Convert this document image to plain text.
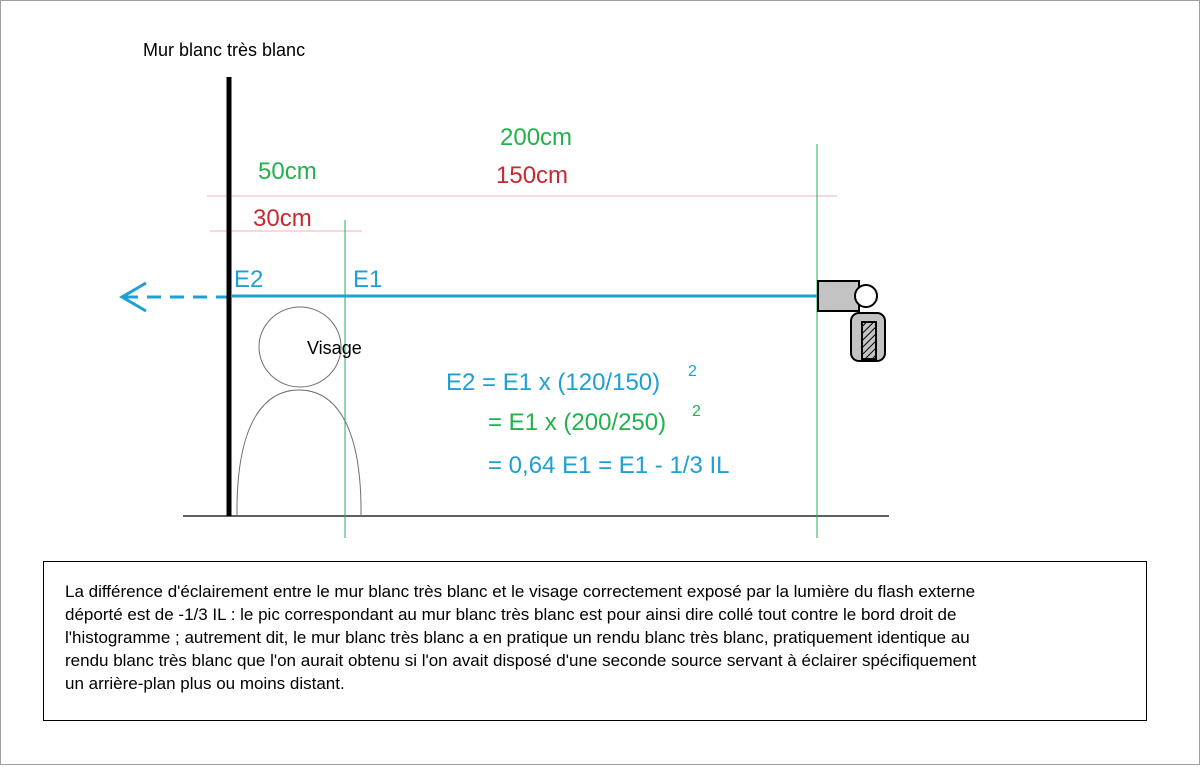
Mur blanc très blanc
200cm
150cm
50cm
30cm
E2	E1
Visage
E2 = E1 x (120/150) 2
= E1 x (200/250) 2
= 0,64 E1 = E1 - 1/3 IL
La différence d'éclairement entre le mur blanc très blanc et le visage correctement exposé par la lumière du flash externe
déporté est de -1/3 IL : le pic correspondant au mur blanc très blanc est pour ainsi dire collé tout contre le bord droit de
l'histogramme ; autrement dit, le mur blanc très blanc a en pratique un rendu blanc très blanc, pratiquement identique au
rendu blanc très blanc que l'on aurait obtenu si l'on avait disposé d'une seconde source servant à éclairer spécifiquement
un arrière-plan plus ou moins distant.
